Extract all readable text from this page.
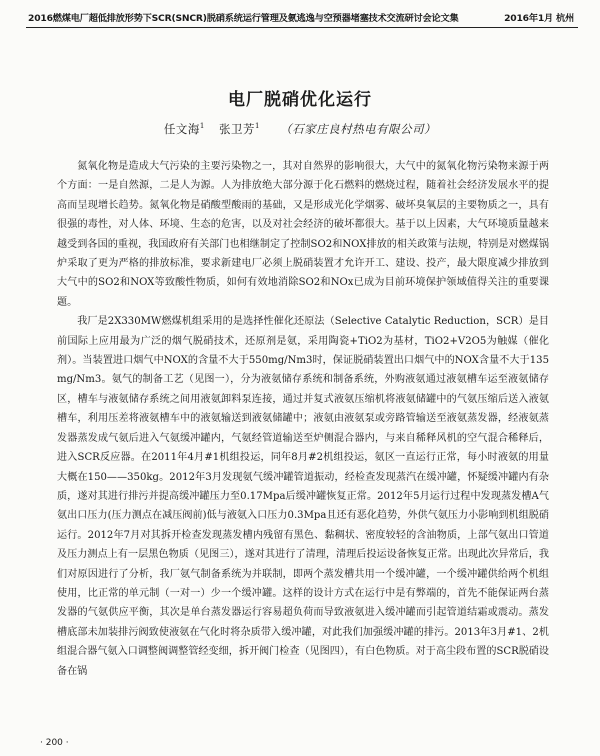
2016燃煤电厂超低排放形势下SCR(SNCR)脱硝系统运行管理及氨逃逸与空预器堵塞技术交流研讨会论文集	2016年1月 杭州
电厂脱硝优化运行
任文海$^1$ 张卫芳$^1$ （石家庄良村热电有限公司）

氮氧化物是造成大气污染的主要污染物之一，其对自然界的影响很大，大气中的氮氧化物污染物来源于两个方面：一是自然源，二是人为源。人为排放绝大部分源于化石燃料的燃烧过程，随着社会经济发展水平的提高而呈现增长趋势。氮氧化物是硝酸型酸雨的基础，又是形成光化学烟雾、破坏臭氧层的主要物质之一，具有很强的毒性，对人体、环境、生态的危害，以及对社会经济的破坏都很大。基于以上因素，大气环境质量越来越受到各国的重视，我国政府有关部门也相继制定了控制SO2和NOX排放的相关政策与法规，特别是对燃煤锅炉采取了更为严格的排放标准，要求新建电厂必须上脱硝装置才允许开工、建设、投产，最大限度减少排放到大气中的SO2和NOX等致酸性物质，如何有效地消除SO2和NOx已成为目前环境保护领域值得关注的重要课题。

我厂是2X330MW燃煤机组采用的是选择性催化还原法（Selective Catalytic Reduction，SCR）是目前国际上应用最为广泛的烟气脱硝技术，还原剂是氨，采用陶瓷+TiO2为基材，TiO2+V2O5为触媒（催化剂）。当装置进口烟气中NOX的含量不大于550mg/Nm3时，保证脱硝装置出口烟气中的NOX含量不大于135mg/Nm3。氨气的制备工艺（见图一），分为液氨储存系统和制备系统，外购液氨通过液氨槽车运至液氨储存区，槽车与液氨储存系统之间用液氨卸料泵连接，通过并复式液氨压缩机将液氨储罐中的气氨压缩后送入液氨槽车，利用压差将液氨槽车中的液氨输送到液氨储罐中；液氨由液氨泵或旁路管输送至液氨蒸发器，经液氨蒸发器蒸发成气氨后进入气氨缓冲罐内，气氨经管道输送至炉侧混合器内，与来自稀释风机的空气混合稀释后，进入SCR反应器。在2011年4月#1机组投运，同年8月#2机组投运，氨区一直运行正常，每小时液氨的用量大概在150——350kg。2012年3月发现氨气缓冲罐管道振动，经检查发现蒸汽在缓冲罐，怀疑缓冲罐内有杂质，遂对其进行排污并提高缓冲罐压力至0.17Mpa后缓冲罐恢复正常。2012年5月运行过程中发现蒸发槽A气氨出口压力(压力测点在减压阀前)低与液氨入口压力0.3Mpa且还有恶化趋势，外供气氨压力小影响到机组脱硝运行。2012年7月对其拆开检查发现蒸发槽内残留有黑色、黏稠状、密度较轻的含油物质，上部气氨出口管道及压力测点上有一层黑色物质（见图三），遂对其进行了清理，清理后投运设备恢复正常。出现此次异常后，我们对原因进行了分析，我厂氨气制备系统为并联制，即两个蒸发槽共用一个缓冲罐，一个缓冲罐供给两个机组使用，比正常的单元制（一对一）少一个缓冲罐。这样的设计方式在运行中是有弊端的，首先不能保证两台蒸发器的气氨供应平衡，其次是单台蒸发器运行容易超负荷而导致液氨进入缓冲罐而引起管道结霜或震动。蒸发槽底部未加装排污阀致使液氨在气化时将杂质带入缓冲罐，对此我们加强缓冲罐的排污。2013年3月#1、2机组混合器气氨入口调整阀调整管经变细，拆开阀门检查（见图四），有白色物质。对于高尘段布置的SCR脱硝设备在锅

· 200 ·
